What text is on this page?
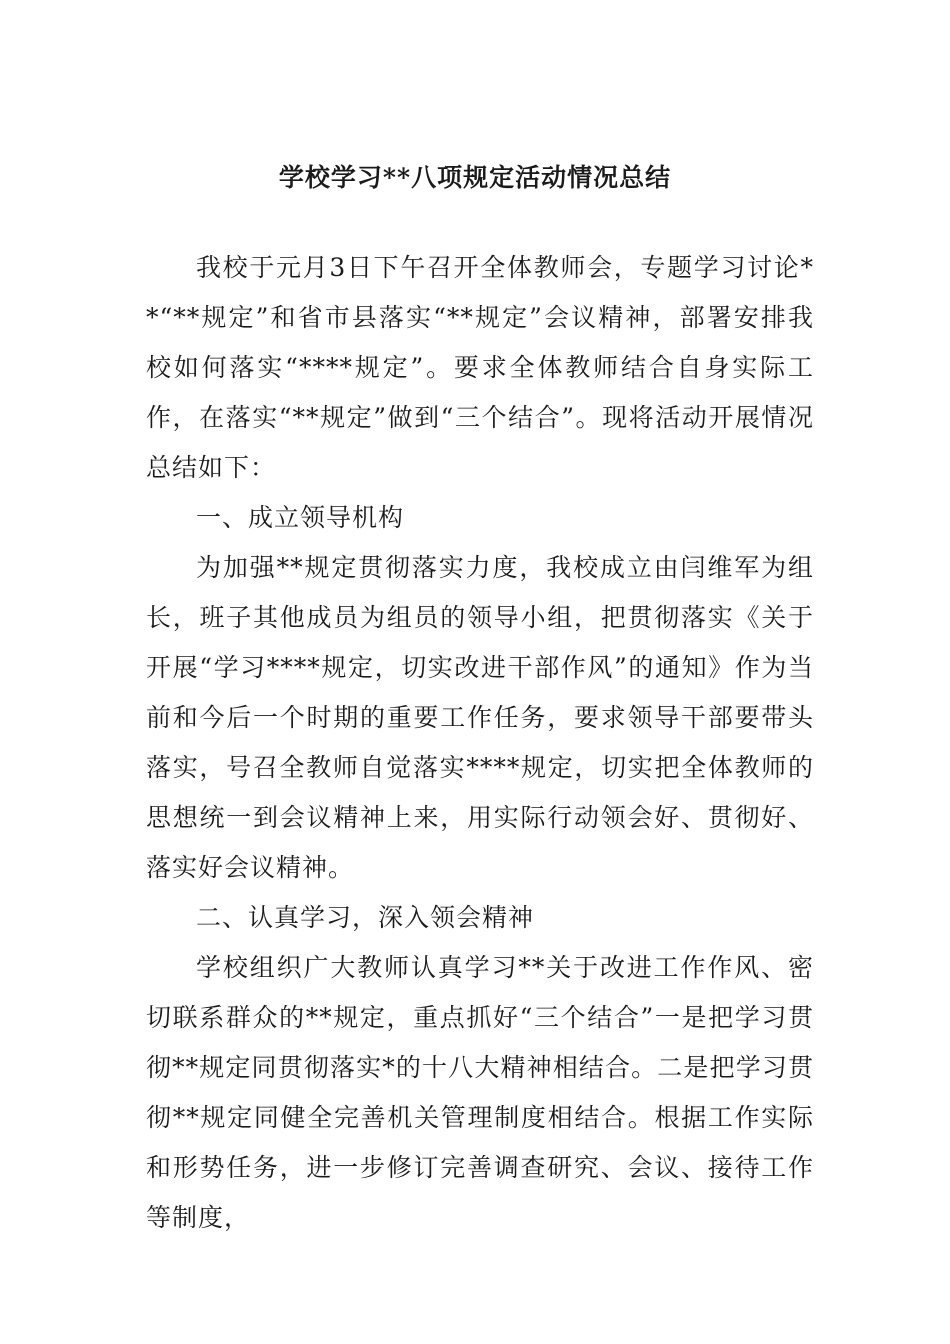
学校学习**八项规定活动情况总结

我校于元月3日下午召开全体教师会，专题学习讨论**“**规定”和省市县落实“**规定”会议精神，部署安排我校如何落实“****规定”。要求全体教师结合自身实际工作，在落实“**规定”做到“三个结合”。现将活动开展情况总结如下：

一、成立领导机构

为加强**规定贯彻落实力度，我校成立由闫维军为组长，班子其他成员为组员的领导小组，把贯彻落实《关于开展“学习****规定，切实改进干部作风”的通知》作为当前和今后一个时期的重要工作任务，要求领导干部要带头落实，号召全教师自觉落实****规定，切实把全体教师的思想统一到会议精神上来，用实际行动领会好、贯彻好、落实好会议精神。

二、认真学习，深入领会精神

学校组织广大教师认真学习**关于改进工作作风、密切联系群众的**规定，重点抓好“三个结合”一是把学习贯彻**规定同贯彻落实*的十八大精神相结合。二是把学习贯彻**规定同健全完善机关管理制度相结合。根据工作实际和形势任务，进一步修订完善调查研究、会议、接待工作等制度，
